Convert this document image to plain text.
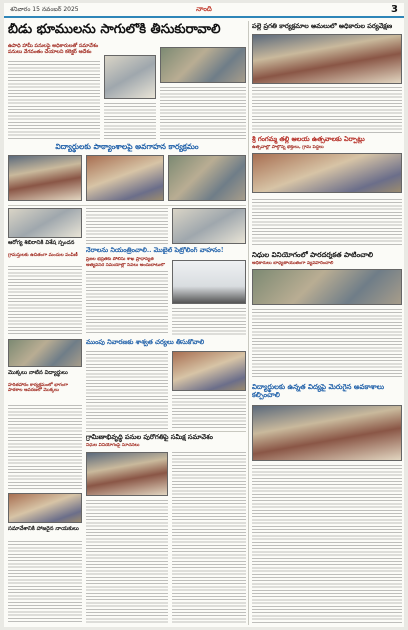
శనివారం 15 నవంబర్ 2025	నాంది	3
బీడు భూములను సాగులోకి తీసుకురావాలి
ఉపాధి హామీ పనులపై అధికారులతో సమావేశం
పనులు వేగవంతం చేయాలని కలెక్టర్ ఆదేశం
పల్లె ప్రగతి కార్యక్రమాల అమలులో అధికారుల పర్యవేక్షణ
శ్రీ గంగమ్మ తల్లి ఆలయ ఉత్సవాలకు ఏర్పాట్లు
ఉత్సవాల్లో పాల్గొన్న భక్తులు, గ్రామ పెద్దలు
విద్యార్థులకు పాఠ్యాంశాలపై అవగాహన కార్యక్రమం
ఆరోగ్య శిబిరానికి విశేష స్పందన
గ్రామస్తులకు ఉచితంగా మందుల పంపిణీ
నేరాలను నియంత్రించాలి.. మొబైల్ పెట్రోలింగ్ వాహనం!
ప్రజల భద్రతకు పోలీసు శాఖ ప్రాధాన్యత
అత్యవసర సమయాల్లో సేవలు అందుబాటులో
నిధుల వినియోగంలో పారదర్శకత పాటించాలి
అధికారులు బాధ్యతాయుతంగా వ్యవహరించాలి
మొక్కలు నాటిన విద్యార్థులు
హరితహారం కార్యక్రమంలో భాగంగా పాఠశాల ఆవరణలో మొక్కలు
ముంపు నివారణకు శాశ్వత చర్యలు తీసుకోవాలి
గ్రామీణాభివృద్ధి పనుల పురోగతిపై సమీక్ష సమావేశం
నిధుల వినియోగంపై సూచనలు
సమావేశానికి హాజరైన నాయకులు
విద్యార్థులకు ఉన్నత విద్యపై మెరుగైన అవకాశాలు కల్పించాలి
